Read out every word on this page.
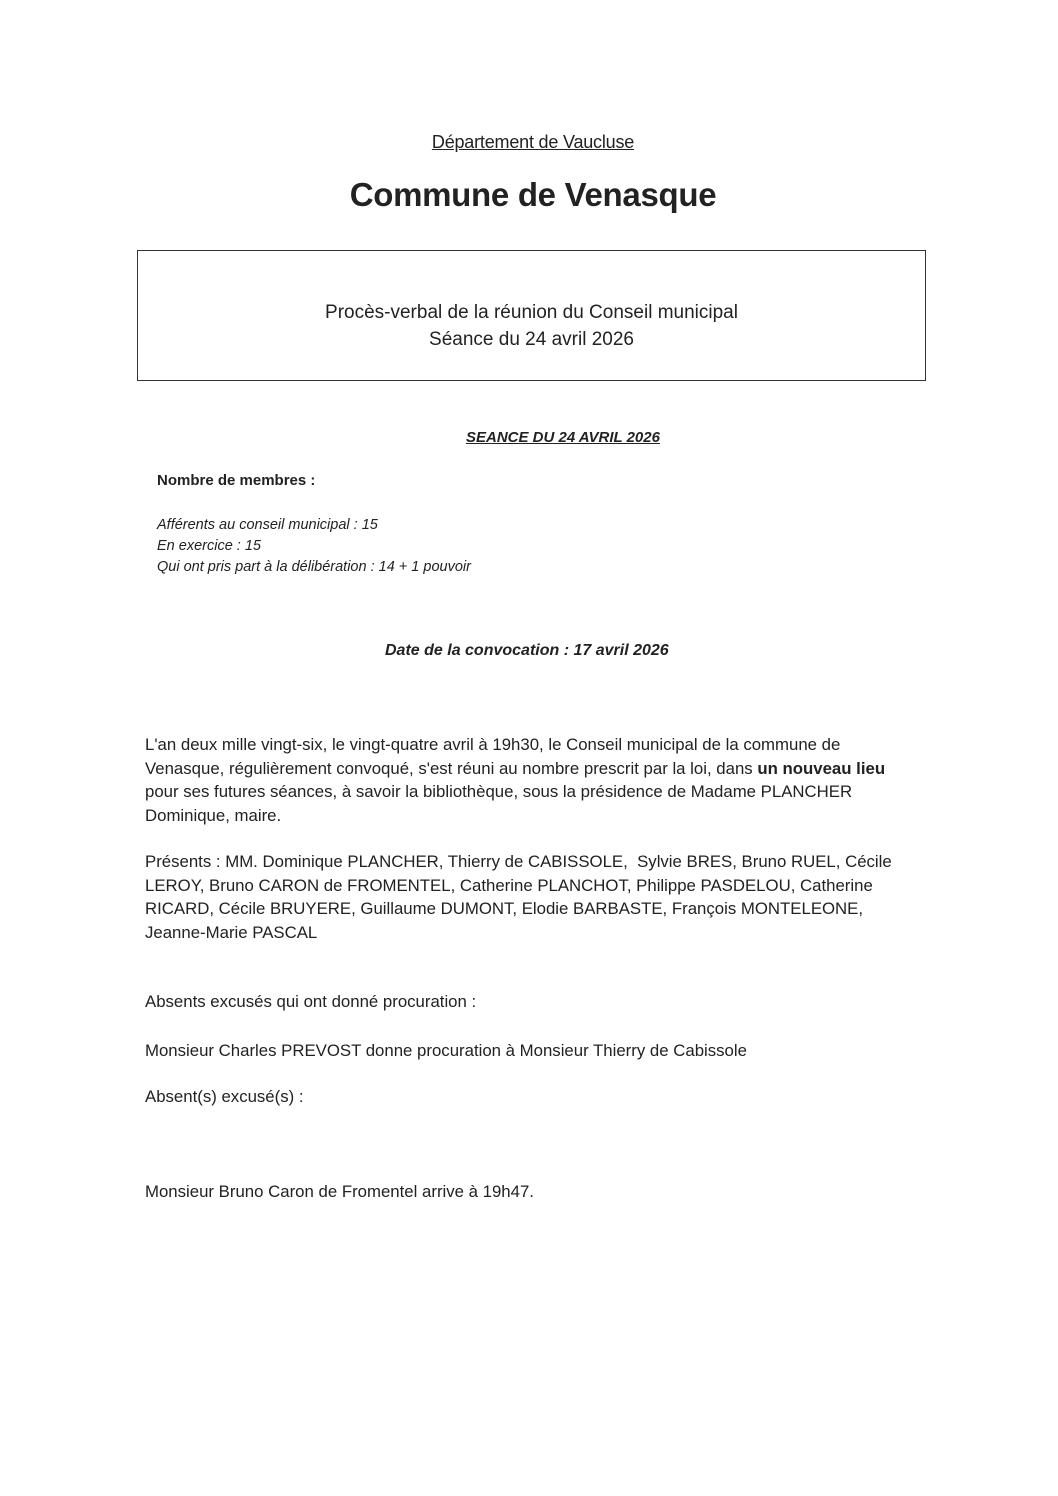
Département de Vaucluse
Commune de Venasque
Procès-verbal de la réunion du Conseil municipal
Séance du 24 avril 2026
SEANCE DU 24 AVRIL 2026
Nombre de membres :
Afférents au conseil municipal : 15
En exercice : 15
Qui ont pris part à la délibération : 14 + 1 pouvoir
Date de la convocation : 17 avril 2026
L'an deux mille vingt-six, le vingt-quatre avril à 19h30, le Conseil municipal de la commune de
Venasque, régulièrement convoqué, s'est réuni au nombre prescrit par la loi, dans un nouveau lieu
pour ses futures séances, à savoir la bibliothèque, sous la présidence de Madame PLANCHER
Dominique, maire.
Présents : MM. Dominique PLANCHER, Thierry de CABISSOLE,  Sylvie BRES, Bruno RUEL, Cécile
LEROY, Bruno CARON de FROMENTEL, Catherine PLANCHOT, Philippe PASDELOU, Catherine
RICARD, Cécile BRUYERE, Guillaume DUMONT, Elodie BARBASTE, François MONTELEONE,
Jeanne-Marie PASCAL
Absents excusés qui ont donné procuration :
Monsieur Charles PREVOST donne procuration à Monsieur Thierry de Cabissole
Absent(s) excusé(s) :
Monsieur Bruno Caron de Fromentel arrive à 19h47.
